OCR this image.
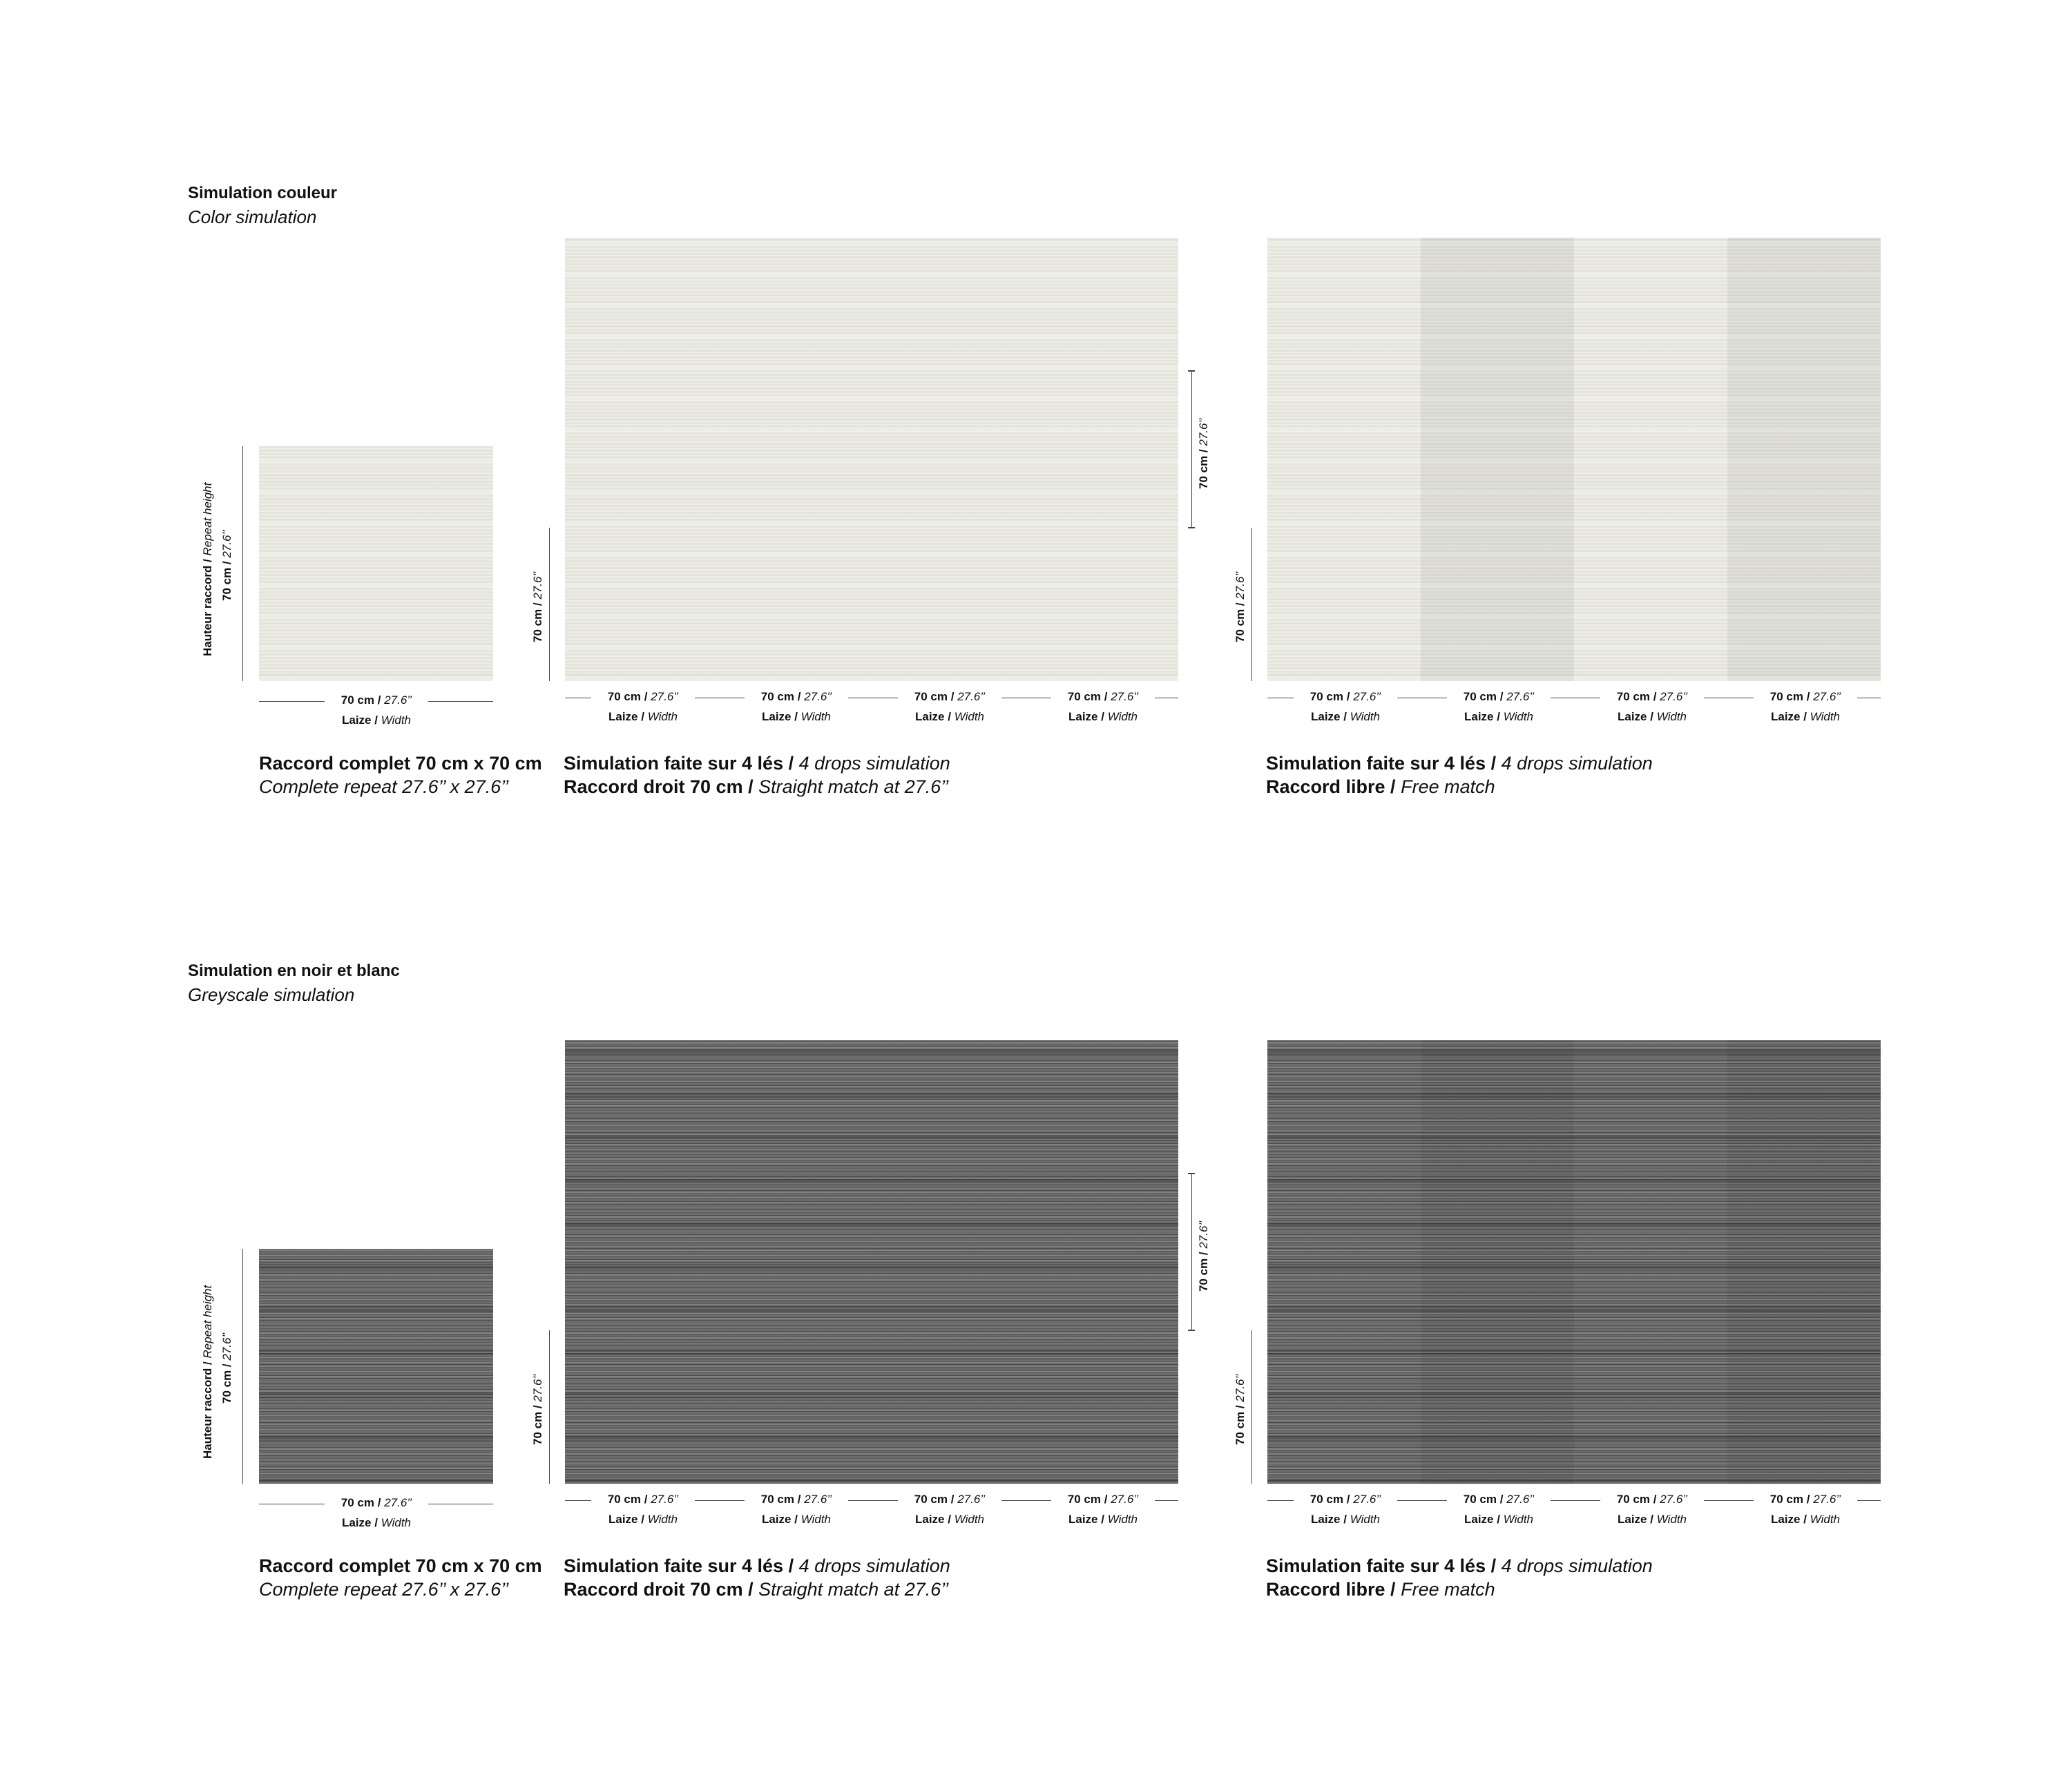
Simulation couleur
Color simulation
Hauteur raccord / Repeat height
70 cm / 27.6’’
70 cm / 27.6’’
Laize / Width
Raccord complet 70 cm x 70 cm
Complete repeat 27.6’’ x 27.6’’
70 cm / 27.6’’
70 cm / 27.6’’
70 cm / 27.6’’
Laize / Width
70 cm / 27.6’’
Laize / Width
70 cm / 27.6’’
Laize / Width
70 cm / 27.6’’
Laize / Width
Simulation faite sur 4 lés / 4 drops simulation
Raccord droit 70 cm / Straight match at 27.6’’
70 cm / 27.6’’
70 cm / 27.6’’
Laize / Width
70 cm / 27.6’’
Laize / Width
70 cm / 27.6’’
Laize / Width
70 cm / 27.6’’
Laize / Width
Simulation faite sur 4 lés / 4 drops simulation
Raccord libre / Free match
Simulation en noir et blanc
Greyscale simulation
Hauteur raccord / Repeat height
70 cm / 27.6’’
70 cm / 27.6’’
Laize / Width
Raccord complet 70 cm x 70 cm
Complete repeat 27.6’’ x 27.6’’
70 cm / 27.6’’
70 cm / 27.6’’
70 cm / 27.6’’
Laize / Width
70 cm / 27.6’’
Laize / Width
70 cm / 27.6’’
Laize / Width
70 cm / 27.6’’
Laize / Width
Simulation faite sur 4 lés / 4 drops simulation
Raccord droit 70 cm / Straight match at 27.6’’
70 cm / 27.6’’
70 cm / 27.6’’
Laize / Width
70 cm / 27.6’’
Laize / Width
70 cm / 27.6’’
Laize / Width
70 cm / 27.6’’
Laize / Width
Simulation faite sur 4 lés / 4 drops simulation
Raccord libre / Free match
